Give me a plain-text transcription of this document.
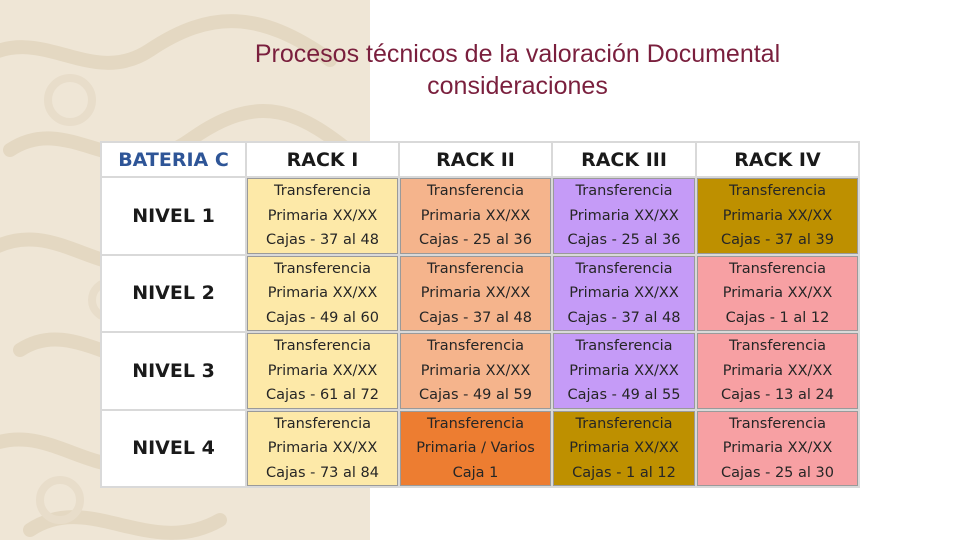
Procesos técnicos de la valoración Documental
consideraciones
BATERIA C	RACK I	RACK II	RACK III	RACK IV
NIVEL 1	Transferencia
Primaria XX/XX
Cajas - 37 al 48	Transferencia
Primaria XX/XX
Cajas - 25 al 36	Transferencia
Primaria XX/XX
Cajas - 25 al 36	Transferencia
Primaria XX/XX
Cajas - 37 al 39

NIVEL 2	Transferencia
Primaria XX/XX
Cajas - 49 al 60	Transferencia
Primaria XX/XX
Cajas - 37 al 48	Transferencia
Primaria XX/XX
Cajas - 37 al 48	Transferencia
Primaria XX/XX
Cajas - 1 al 12

NIVEL 3	Transferencia
Primaria XX/XX
Cajas - 61 al 72	Transferencia
Primaria XX/XX
Cajas - 49 al 59	Transferencia
Primaria XX/XX
Cajas - 49 al 55	Transferencia
Primaria XX/XX
Cajas - 13 al 24

NIVEL 4	Transferencia
Primaria XX/XX
Cajas - 73 al 84	Transferencia
Primaria / Varios
Caja 1	Transferencia
Primaria XX/XX
Cajas - 1 al 12	Transferencia
Primaria XX/XX
Cajas - 25 al 30
